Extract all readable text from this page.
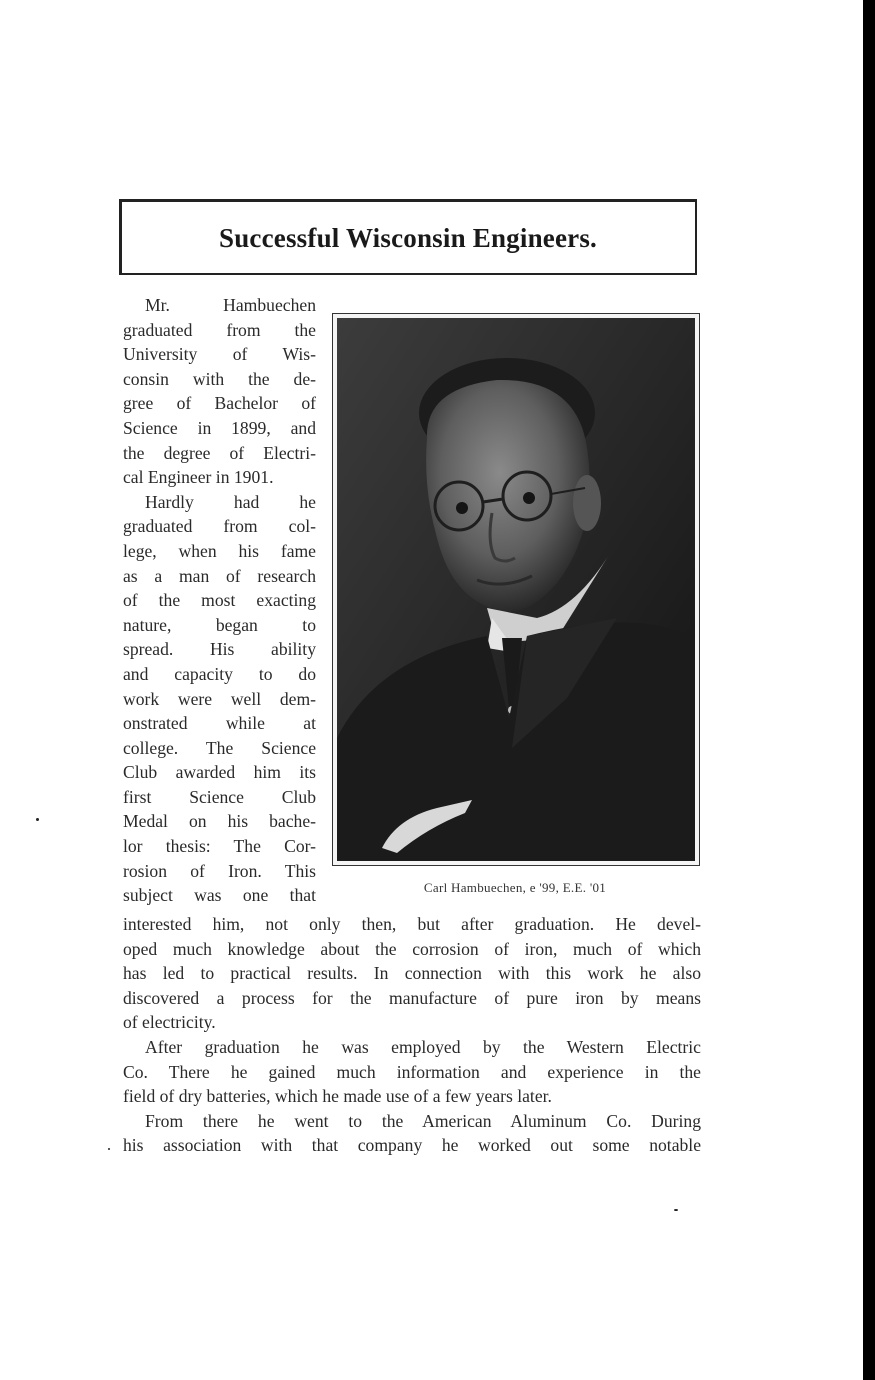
Successful Wisconsin Engineers.
Mr. Hambuechen
graduated from the
University of Wis-
consin with the de-
gree of Bachelor of
Science in 1899, and
the degree of Electri-
cal Engineer in 1901.
Hardly had he
graduated from col-
lege, when his fame
as a man of research
of the most exacting
nature, began to
spread. His ability
and capacity to do
work were well dem-
onstrated while at
college. The Science
Club awarded him its
first Science Club
Medal on his bache-
lor thesis: The Cor-
rosion of Iron. This
subject was one that	Carl Hambuechen, e '99, E.E. '01
interested him, not only then, but after graduation. He devel-
oped much knowledge about the corrosion of iron, much of which
has led to practical results. In connection with this work he also
discovered a process for the manufacture of pure iron by means
of electricity.
After graduation he was employed by the Western Electric
Co. There he gained much information and experience in the
field of dry batteries, which he made use of a few years later.
From there he went to the American Aluminum Co. During
his association with that company he worked out some notable
